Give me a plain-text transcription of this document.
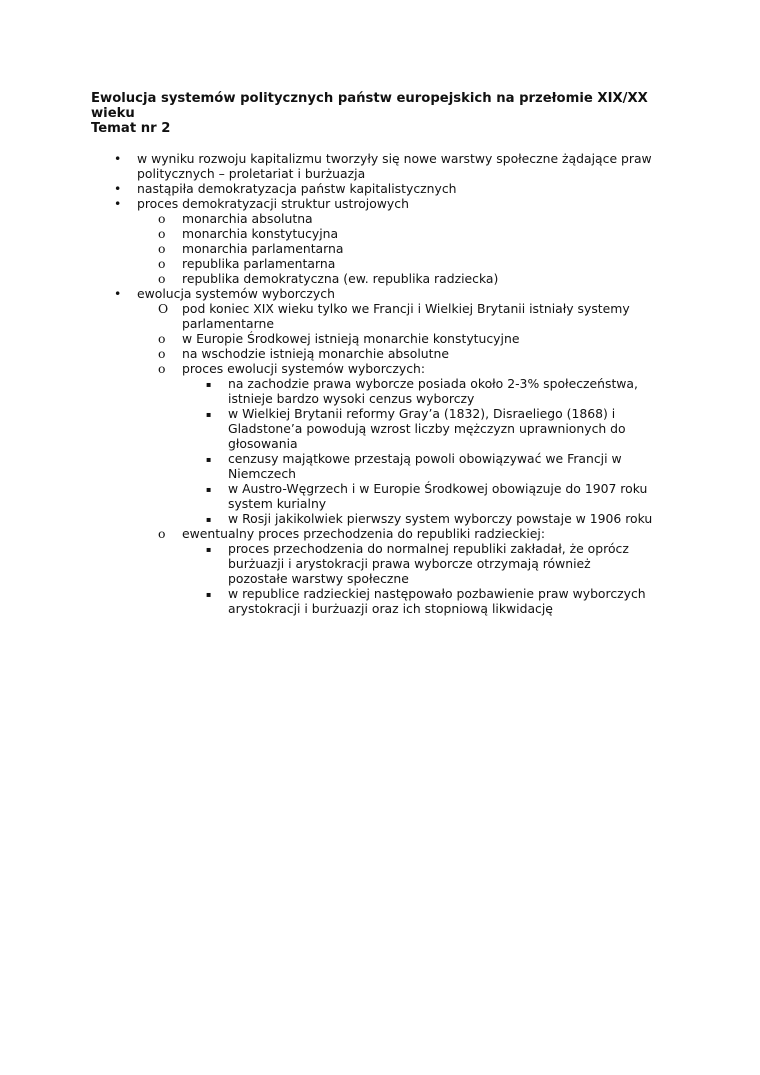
Ewolucja systemów politycznych państw europejskich na przełomie XIX/XX wieku
Temat nr 2
• w wyniku rozwoju kapitalizmu tworzyły się nowe warstwy społeczne żądające praw politycznych – proletariat i burżuazja
• nastąpiła demokratyzacja państw kapitalistycznych
• proces demokratyzacji struktur ustrojowych
o monarchia absolutna
o monarchia konstytucyjna
o monarchia parlamentarna
o republika parlamentarna
o republika demokratyczna (ew. republika radziecka)
• ewolucja systemów wyborczych
O pod koniec XIX wieku tylko we Francji i Wielkiej Brytanii istniały systemy parlamentarne
o w Europie Środkowej istnieją monarchie konstytucyjne
o na wschodzie istnieją monarchie absolutne
o proces ewolucji systemów wyborczych:
▪ na zachodzie prawa wyborcze posiada około 2-3% społeczeństwa, istnieje bardzo wysoki cenzus wyborczy
▪ w Wielkiej Brytanii reformy Gray’a (1832), Disraeliego (1868) i Gladstone’a powodują wzrost liczby mężczyzn uprawnionych do głosowania
▪ cenzusy majątkowe przestają powoli obowiązywać we Francji w Niemczech
▪ w Austro-Węgrzech i w Europie Środkowej obowiązuje do 1907 roku system kurialny
▪ w Rosji jakikolwiek pierwszy system wyborczy powstaje w 1906 roku
o ewentualny proces przechodzenia do republiki radzieckiej:
▪ proces przechodzenia do normalnej republiki zakładał, że oprócz burżuazji i arystokracji prawa wyborcze otrzymają również pozostałe warstwy społeczne
▪ w republice radzieckiej następowało pozbawienie praw wyborczych arystokracji i burżuazji oraz ich stopniową likwidację
